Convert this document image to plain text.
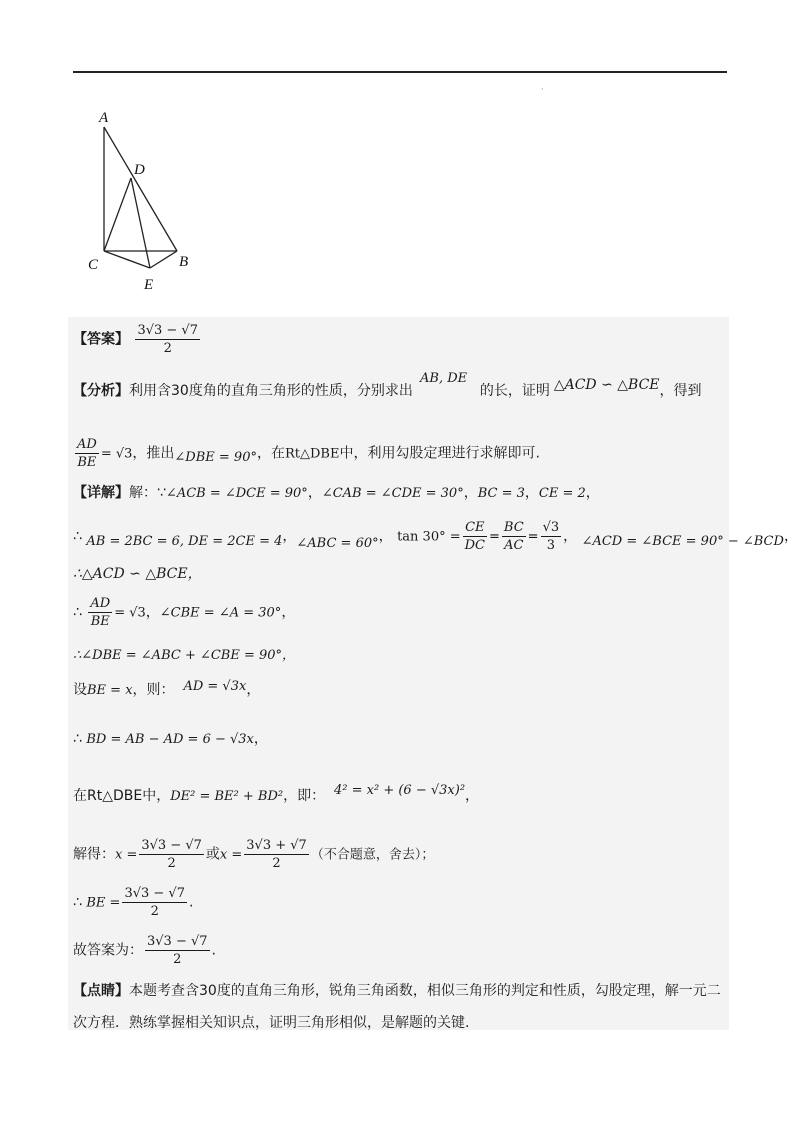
·
A
D
C	B
E
【答案】 $\frac{3√3 - √7}{2}$
AB, DE
【分析】利用含30度角的直角三角形的性质，分别求出	的长，证明 △ACD ∽ △BCE，得到
$\frac{AD}{BE} = √3$，推出∠DBE = 90°，在Rt△DBE中，利用勾股定理进行求解即可.
【详解】解：∵∠ACB = ∠DCE = 90°，∠CAB = ∠CDE = 30°，BC = 3，CE = 2，
∴ AB = 2BC = 6, DE = 2CE = 4，∠ABC = 60°， $\tan 30^\circ = \frac{CE}{DC} = \frac{BC}{AC} = \frac{√3}{3}$ ， ∠ACD = ∠BCE = 90° − ∠BCD，
∴△ACD ∽ △BCE，
∴ $\frac{AD}{BE} = √3$，∠CBE = ∠A = 30°，
∴∠DBE = ∠ABC + ∠CBE = 90°，
设BE = x，则： AD = √3x，
∴ BD = AB − AD = 6 − √3x，
在Rt△DBE中，DE² = BE² + BD²，即： 4² = x² + (6 − √3x)²，
解得：$x = \frac{3√3 - √7}{2}$ 或$x = \frac{3√3 + √7}{2}$ （不合题意，舍去）；
∴ BE = $\frac{3√3 - √7}{2}$ .
故答案为： $\frac{3√3 - √7}{2}$ .
【点睛】本题考查含30度的直角三角形，锐角三角函数，相似三角形的判定和性质，勾股定理，解一元二
次方程．熟练掌握相关知识点，证明三角形相似，是解题的关键.
